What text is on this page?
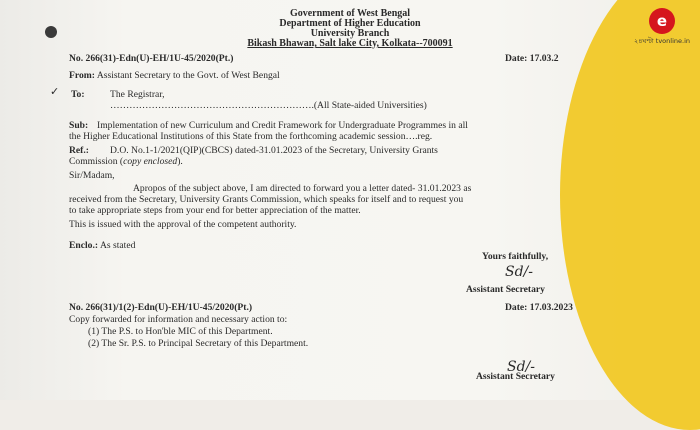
e
২৪ঘণ্টা tvonline.in
Government of West Bengal
Department of Higher Education
University Branch
Bikash Bhawan, Salt lake City, Kolkata--700091
No. 266(31)-Edn(U)-EH/1U-45/2020(Pt.)	Date: 17.03.2
From: Assistant Secretary to the Govt. of West Bengal
✓ To:	The Registrar,
……………………………………………………….(All State-aided Universities)
Sub: Implementation of new Curriculum and Credit Framework for Undergraduate Programmes in all
the Higher Educational Institutions of this State from the forthcoming academic session….reg.
Ref.: D.O. No.1-1/2021(QIP)(CBCS) dated-31.01.2023 of the Secretary, University Grants
Commission (copy enclosed).
Sir/Madam,
Apropos of the subject above, I am directed to forward you a letter dated- 31.01.2023 as
received from the Secretary, University Grants Commission, which speaks for itself and to request you
to take appropriate steps from your end for better appreciation of the matter.
This is issued with the approval of the competent authority.
Enclo.: As stated
Yours faithfully,
Sd/-
Assistant Secretary
No. 266(31)/1(2)-Edn(U)-EH/1U-45/2020(Pt.)	Date: 17.03.2023
Copy forwarded for information and necessary action to:
(1) The P.S. to Hon'ble MIC of this Department.
(2) The Sr. P.S. to Principal Secretary of this Department.
Sd/-
Assistant Secretary
